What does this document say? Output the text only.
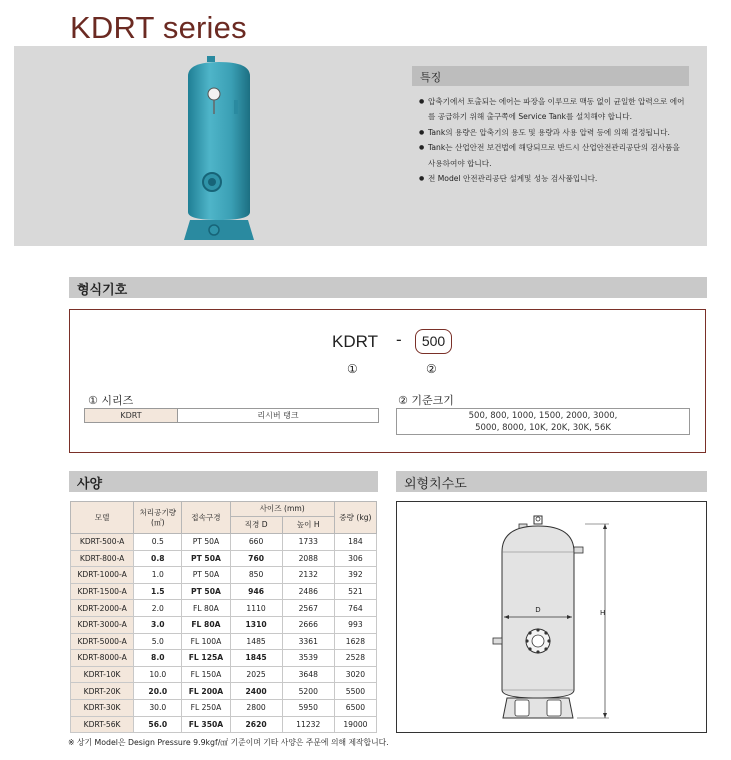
KDRT series
특징
● 압축기에서 토출되는 에어는 파장을 이루므로 맥동 없이 균일한 압력으로 에어를 공급하기 위해 출구쪽에 Service Tank를 설치해야 합니다.
● Tank의 용량은 압축기의 용도 및 용량과 사용 압력 등에 의해 결정됩니다.
● Tank는 산업안전 보건법에 해당되므로 반드시 산업안전관리공단의 검사품을 사용하여야 합니다.
● 전 Model 안전관리공단 설계및 성능 검사품입니다.
형식기호
KDRT -	500
①	②
① 시리즈
KDRT	리시버 탱크
② 기준크기
500, 800, 1000, 1500, 2000, 3000,
5000, 8000, 10K, 20K, 30K, 56K
사양
모델	처리공기량 (㎥)	접속구경	사이즈 (mm)		중량 (kg)
			직경 D	높이 H	
KDRT-500-A	0.5	PT 50A	660	1733	184
KDRT-800-A	0.8	PT 50A	760	2088	306
KDRT-1000-A	1.0	PT 50A	850	2132	392
KDRT-1500-A	1.5	PT 50A	946	2486	521
KDRT-2000-A	2.0	FL 80A	1110	2567	764
KDRT-3000-A	3.0	FL 80A	1310	2666	993
KDRT-5000-A	5.0	FL 100A	1485	3361	1628
KDRT-8000-A	8.0	FL 125A	1845	3539	2528
KDRT-10K	10.0	FL 150A	2025	3648	3020
KDRT-20K	20.0	FL 200A	2400	5200	5500
KDRT-30K	30.0	FL 250A	2800	5950	6500
KDRT-56K	56.0	FL 350A	2620	11232	19000
※ 상기 Model은 Design Pressure 9.9kgf/㎠ 기준이며 기타 사양은 주문에 의해 제작합니다.
외형치수도
D	H
